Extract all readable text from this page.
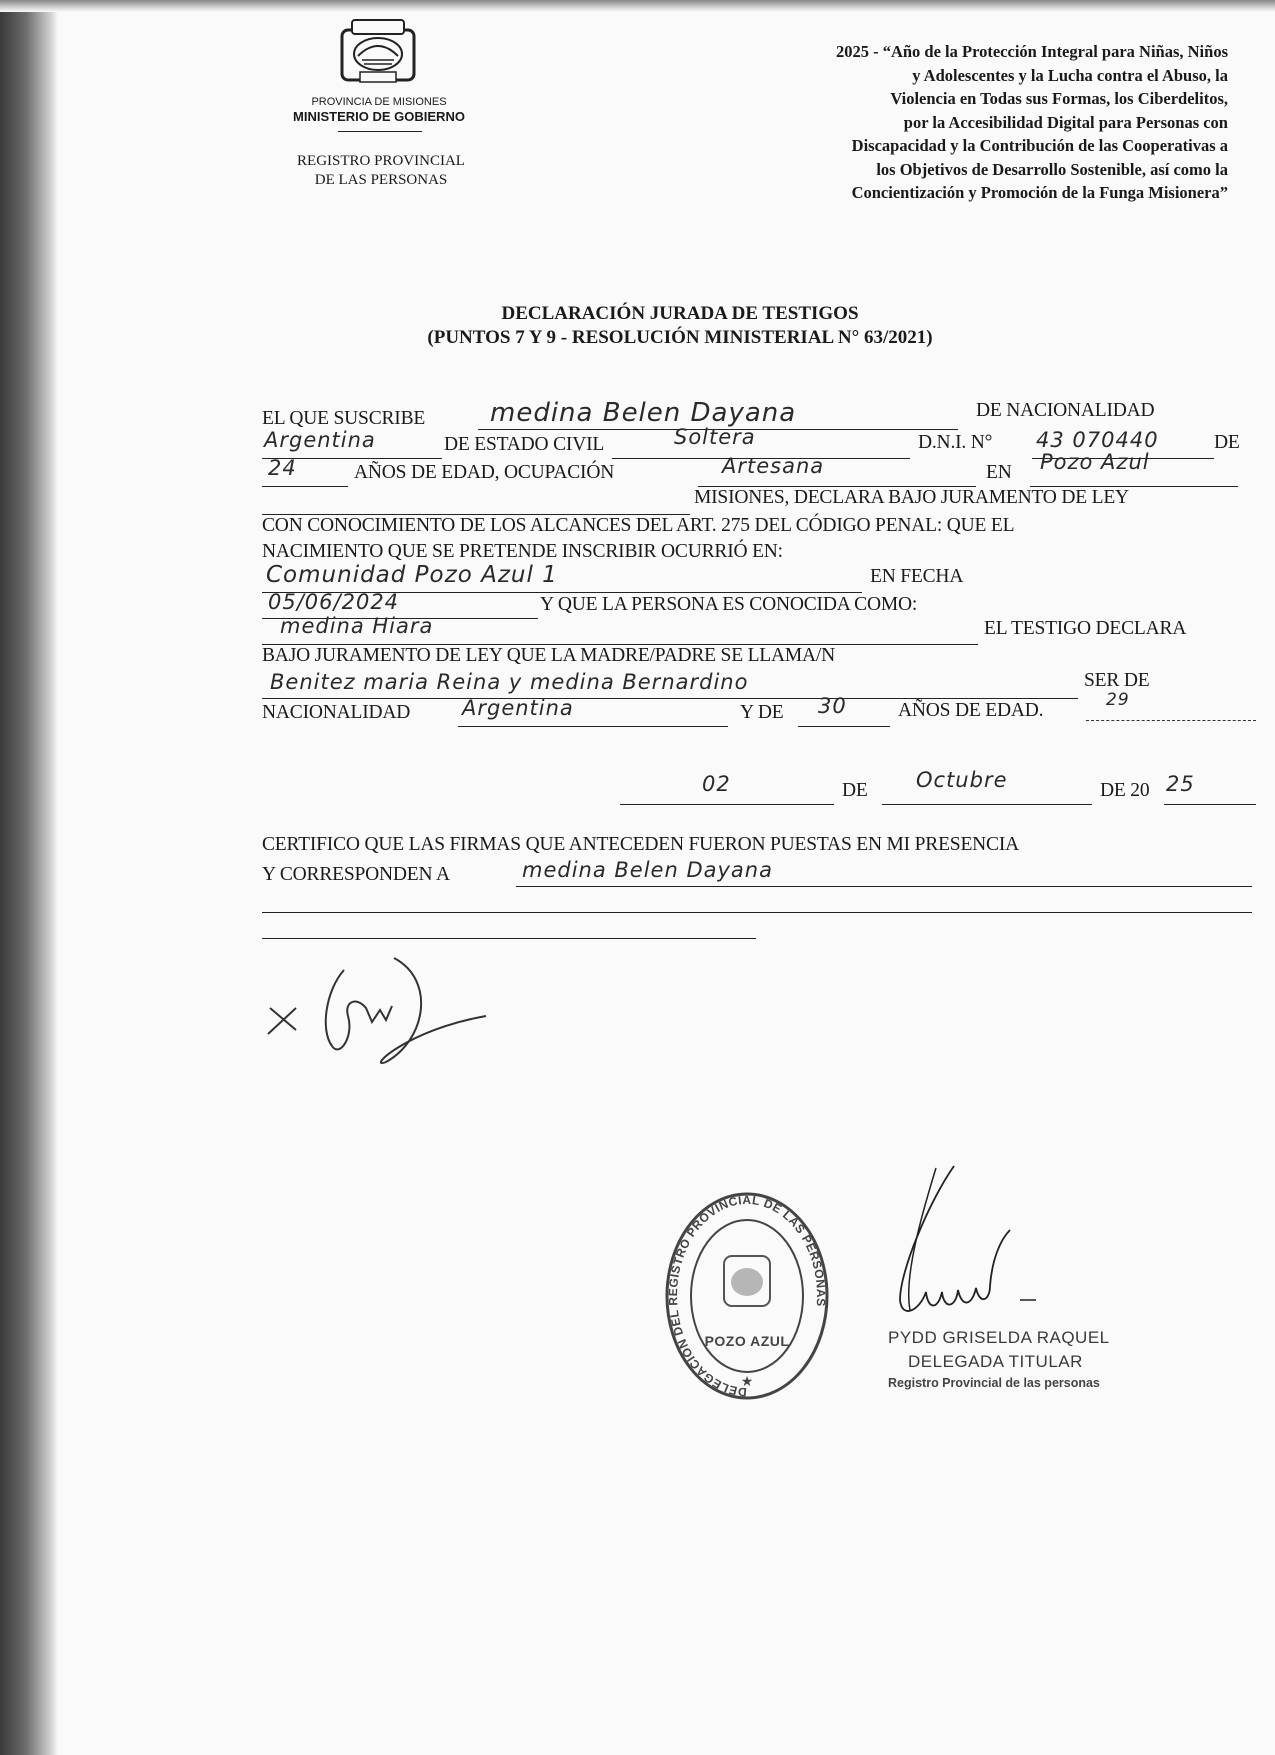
PROVINCIA DE MISIONES
MINISTERIO DE GOBIERNO
REGISTRO PROVINCIAL
DE LAS PERSONAS
2025 - “Año de la Protección Integral para Niñas, Niños
y Adolescentes y la Lucha contra el Abuso, la
Violencia en Todas sus Formas, los Ciberdelitos,
por la Accesibilidad Digital para Personas con
Discapacidad y la Contribución de las Cooperativas a
los Objetivos de Desarrollo Sostenible, así como la
Concientización y Promoción de la Funga Misionera”
DECLARACIÓN JURADA DE TESTIGOS
(PUNTOS 7 Y 9 - RESOLUCIÓN MINISTERIAL N° 63/2021)
EL QUE SUSCRIBE medina Belen Dayana	DE NACIONALIDAD
Argentina	DE ESTADO CIVIL	Soltera	D.N.I. N° 43 070440	DE
24	AÑOS DE EDAD, OCUPACIÓN	Artesana	EN Pozo Azul
MISIONES, DECLARA BAJO JURAMENTO DE LEY
CON CONOCIMIENTO DE LOS ALCANCES DEL ART. 275 DEL CÓDIGO PENAL: QUE EL
NACIMIENTO QUE SE PRETENDE INSCRIBIR OCURRIÓ EN:
Comunidad Pozo Azul 1	EN FECHA
05/06/2024	Y QUE LA PERSONA ES CONOCIDA COMO:
medina Hiara	EL TESTIGO DECLARA
BAJO JURAMENTO DE LEY QUE LA MADRE/PADRE SE LLAMA/N
Benitez maria Reina y medina Bernardino	SER DE
NACIONALIDAD Argentina	Y DE 30	AÑOS DE EDAD.	29
02	DE Octubre	DE 20 25
CERTIFICO QUE LAS FIRMAS QUE ANTECEDEN FUERON PUESTAS EN MI PRESENCIA
Y CORRESPONDEN A	medina Belen Dayana
DELEGACION DEL REGISTRO PROVINCIAL DE LAS PERSONAS
POZO AZUL
★
PYDD GRISELDA RAQUEL
DELEGADA TITULAR
Registro Provincial de las personas
